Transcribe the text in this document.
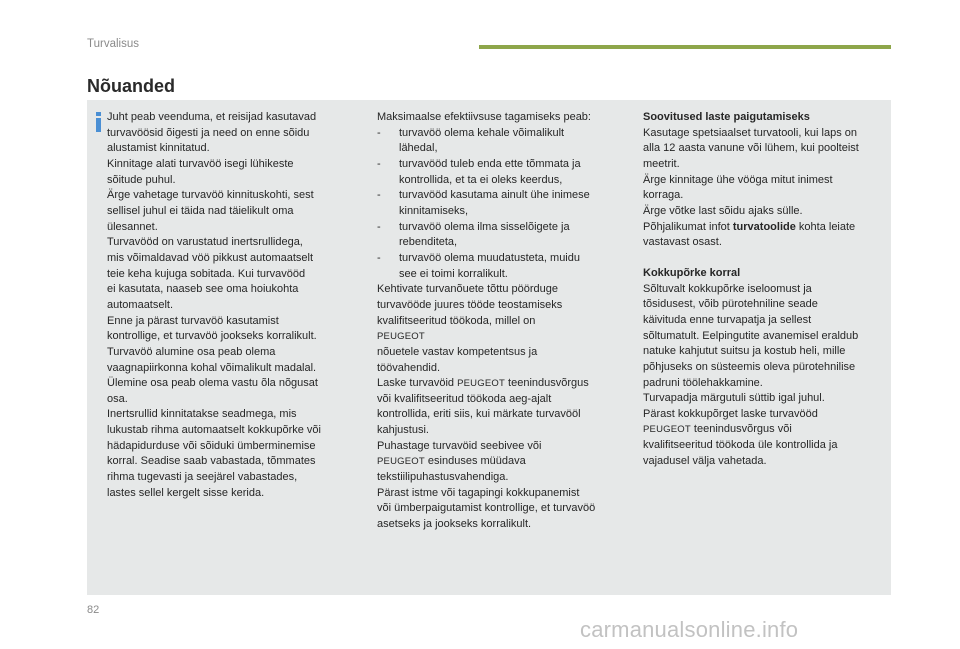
Turvalisus
Nõuanded
Juht peab veenduma, et reisijad kasutavad
turvavöösid õigesti ja need on enne sõidu
alustamist kinnitatud.
Kinnitage alati turvavöö isegi lühikeste
sõitude puhul.
Ärge vahetage turvavöö kinnituskohti, sest
sellisel juhul ei täida nad täielikult oma
ülesannet.
Turvavööd on varustatud inertsrullidega,
mis võimaldavad vöö pikkust automaatselt
teie keha kujuga sobitada. Kui turvavööd
ei kasutata, naaseb see oma hoiukohta
automaatselt.
Enne ja pärast turvavöö kasutamist
kontrollige, et turvavöö jookseks korralikult.
Turvavöö alumine osa peab olema
vaagnapiirkonna kohal võimalikult madalal.
Ülemine osa peab olema vastu õla nõgusat
osa.
Inertsrullid kinnitatakse seadmega, mis
lukustab rihma automaatselt kokkupõrke või
hädapidurduse või sõiduki ümberminemise
korral. Seadise saab vabastada, tõmmates
rihma tugevasti ja seejärel vabastades,
lastes sellel kergelt sisse kerida.
Maksimaalse efektiivsuse tagamiseks peab:
- turvavöö olema kehale võimalikult
lähedal,
- turvavööd tuleb enda ette tõmmata ja
kontrollida, et ta ei oleks keerdus,
- turvavööd kasutama ainult ühe inimese
kinnitamiseks,
- turvavöö olema ilma sisselõigete ja
rebenditeta,
- turvavöö olema muudatusteta, muidu
see ei toimi korralikult.
Kehtivate turvanõuete tõttu pöörduge
turvavööde juures tööde teostamiseks
kvalifitseeritud töökoda, millel on
PEUGEOT
nõuetele vastav kompetentsus ja
töövahendid.
Laske turvavöid PEUGEOT teenindusvõrgus
või kvalifitseeritud töökoda aeg-ajalt
kontrollida, eriti siis, kui märkate turvavööl
kahjustusi.
Puhastage turvavöid seebivee või
PEUGEOT esinduses müüdava
tekstiilipuhastusvahendiga.
Pärast istme või tagapingi kokkupanemist
või ümberpaigutamist kontrollige, et turvavöö
asetseks ja jookseks korralikult.
Soovitused laste paigutamiseks
Kasutage spetsiaalset turvatooli, kui laps on
alla 12 aasta vanune või lühem, kui poolteist
meetrit.
Ärge kinnitage ühe vööga mitut inimest
korraga.
Ärge võtke last sõidu ajaks sülle.
Põhjalikumat infot turvatoolide kohta leiate
vastavast osast.
Kokkupõrke korral
Sõltuvalt kokkupõrke iseloomust ja
tõsidusest, võib pürotehniline seade
käivituda enne turvapatja ja sellest
sõltumatult. Eelpingutite avanemisel eraldub
natuke kahjutut suitsu ja kostub heli, mille
põhjuseks on süsteemis oleva pürotehnilise
padruni töölehakkamine.
Turvapadja märgutuli süttib igal juhul.
Pärast kokkupõrget laske turvavööd
PEUGEOT teenindusvõrgus või
kvalifitseeritud töökoda üle kontrollida ja
vajadusel välja vahetada.
82
carmanualsonline.info
